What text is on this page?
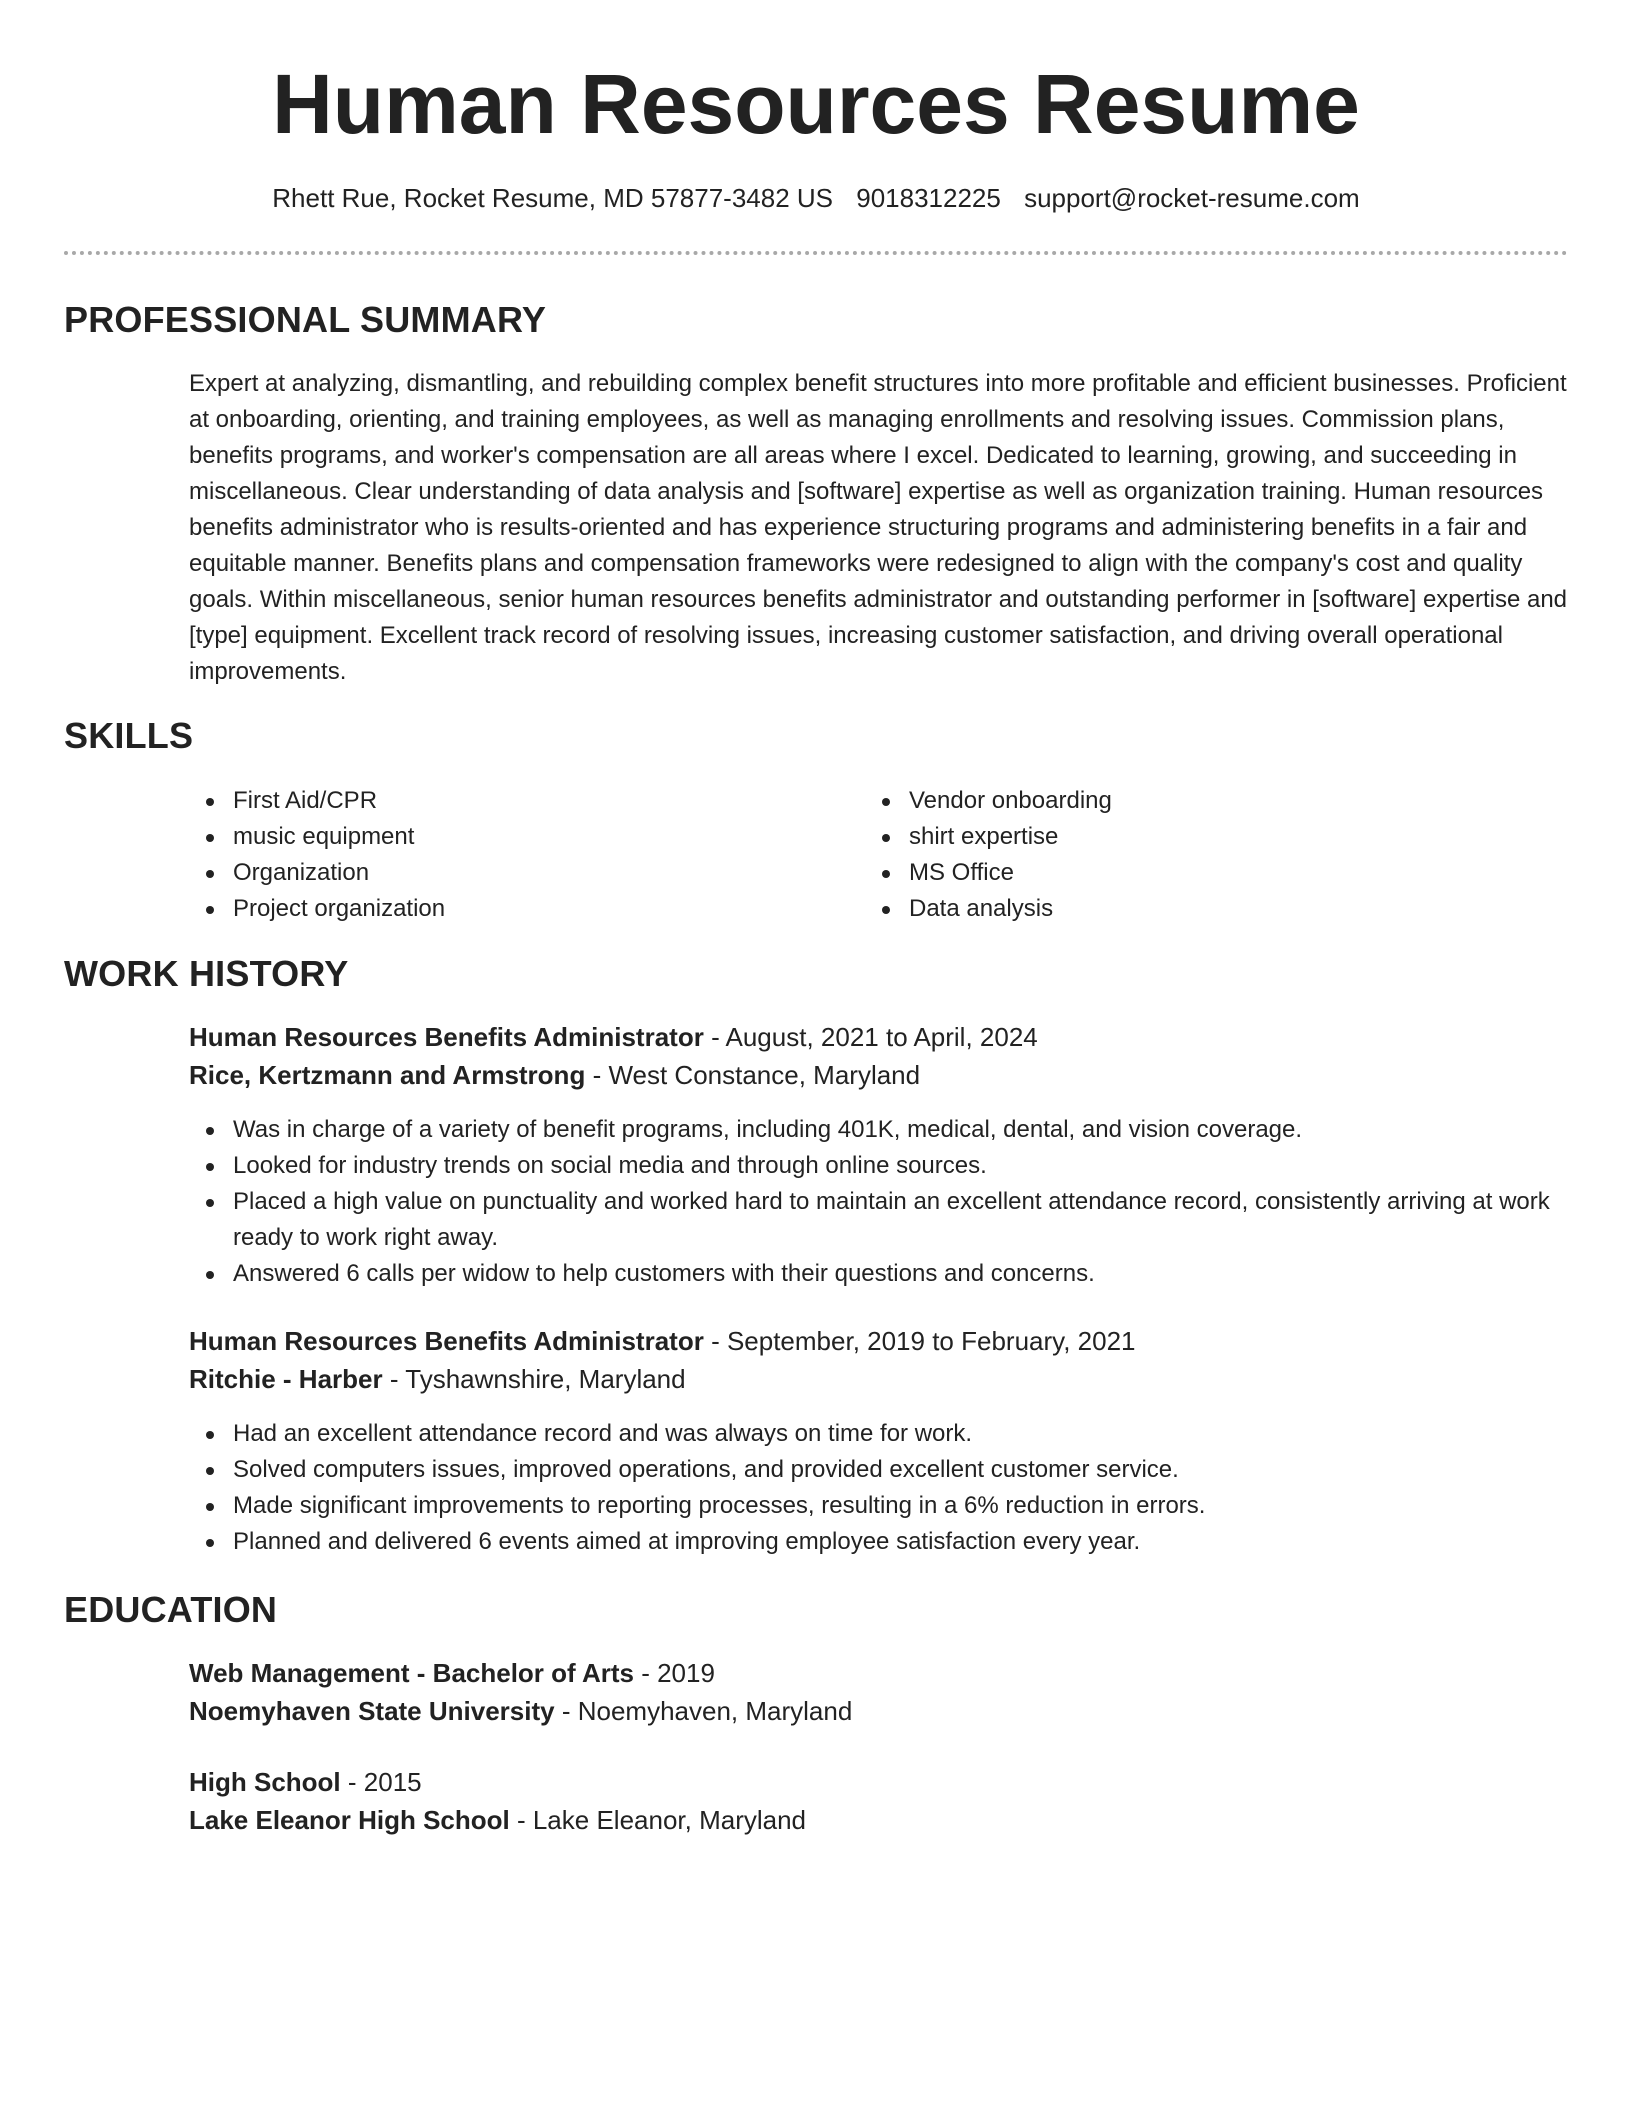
Human Resources Resume
Rhett Rue, Rocket Resume, MD 57877-3482 US 9018312225 support@rocket-resume.com
PROFESSIONAL SUMMARY

Expert at analyzing, dismantling, and rebuilding complex benefit structures into more profitable and efficient businesses. Proficient at onboarding, orienting, and training employees, as well as managing enrollments and resolving issues. Commission plans, benefits programs, and worker's compensation are all areas where I excel. Dedicated to learning, growing, and succeeding in miscellaneous. Clear understanding of data analysis and [software] expertise as well as organization training. Human resources benefits administrator who is results-oriented and has experience structuring programs and administering benefits in a fair and equitable manner. Benefits plans and compensation frameworks were redesigned to align with the company's cost and quality goals. Within miscellaneous, senior human resources benefits administrator and outstanding performer in [software] expertise and [type] equipment. Excellent track record of resolving issues, increasing customer satisfaction, and driving overall operational improvements.

SKILLS
First Aid/CPR
music equipment
Organization
Project organization
Vendor onboarding
shirt expertise
MS Office
Data analysis
WORK HISTORY
Human Resources Benefits Administrator - August, 2021 to April, 2024
Rice, Kertzmann and Armstrong - West Constance, Maryland
Was in charge of a variety of benefit programs, including 401K, medical, dental, and vision coverage.
Looked for industry trends on social media and through online sources.
Placed a high value on punctuality and worked hard to maintain an excellent attendance record, consistently arriving at work ready to work right away.
Answered 6 calls per widow to help customers with their questions and concerns.
Human Resources Benefits Administrator - September, 2019 to February, 2021
Ritchie - Harber - Tyshawnshire, Maryland
Had an excellent attendance record and was always on time for work.
Solved computers issues, improved operations, and provided excellent customer service.
Made significant improvements to reporting processes, resulting in a 6% reduction in errors.
Planned and delivered 6 events aimed at improving employee satisfaction every year.
EDUCATION
Web Management - Bachelor of Arts - 2019
Noemyhaven State University - Noemyhaven, Maryland
High School - 2015
Lake Eleanor High School - Lake Eleanor, Maryland
